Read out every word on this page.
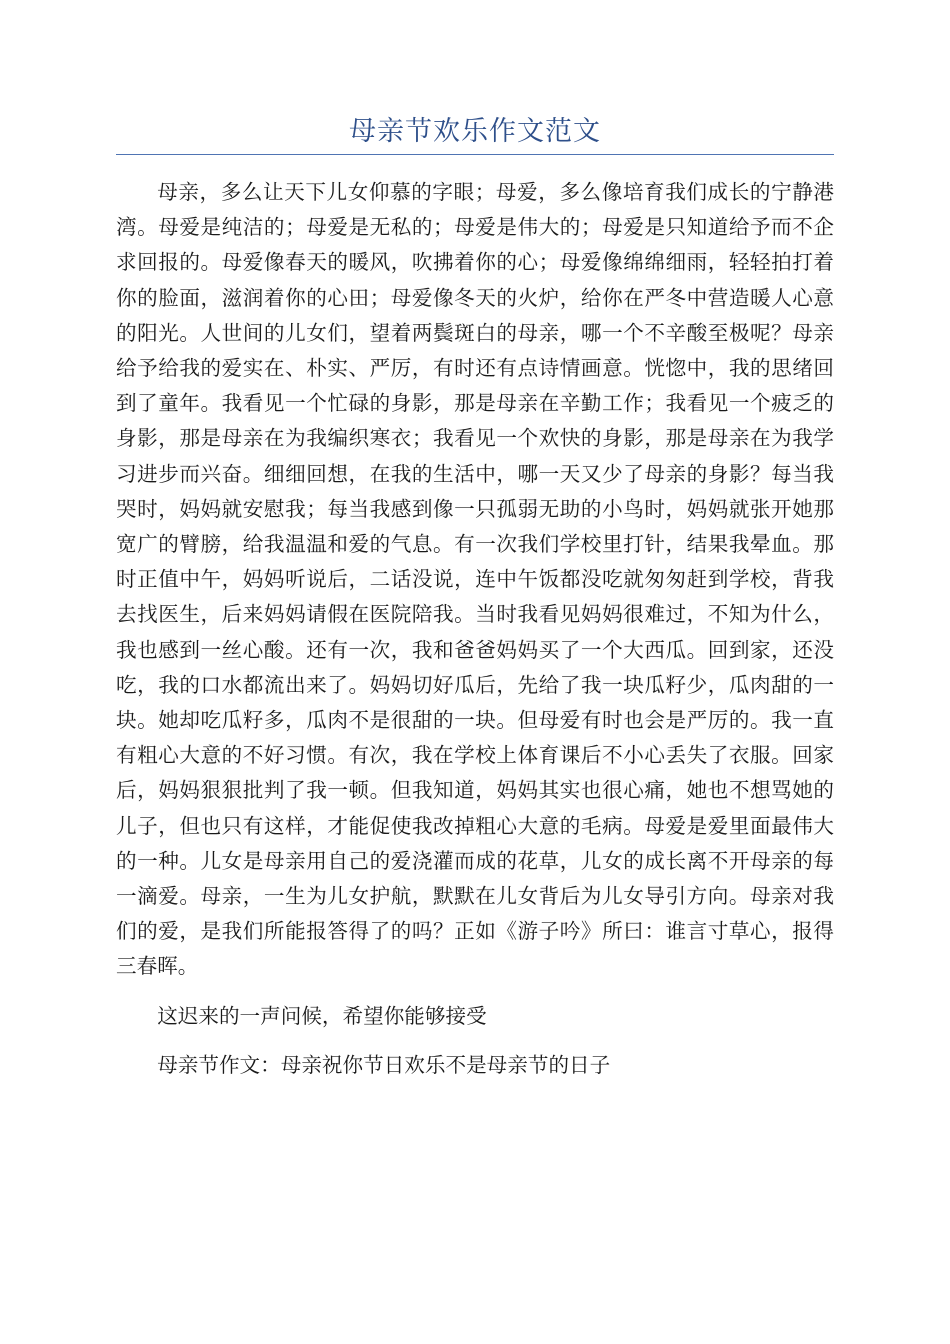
母亲节欢乐作文范文

母亲，多么让天下儿女仰慕的字眼；母爱，多么像培育我们成长的宁静港湾。母爱是纯洁的；母爱是无私的；母爱是伟大的；母爱是只知道给予而不企求回报的。母爱像春天的暖风，吹拂着你的心；母爱像绵绵细雨，轻轻拍打着你的脸面，滋润着你的心田；母爱像冬天的火炉，给你在严冬中营造暖人心意的阳光。人世间的儿女们，望着两鬓斑白的母亲，哪一个不辛酸至极呢？母亲给予给我的爱实在、朴实、严厉，有时还有点诗情画意。恍惚中，我的思绪回到了童年。我看见一个忙碌的身影，那是母亲在辛勤工作；我看见一个疲乏的身影，那是母亲在为我编织寒衣；我看见一个欢快的身影，那是母亲在为我学习进步而兴奋。细细回想，在我的生活中，哪一天又少了母亲的身影？每当我哭时，妈妈就安慰我；每当我感到像一只孤弱无助的小鸟时，妈妈就张开她那宽广的臂膀，给我温温和爱的气息。有一次我们学校里打针，结果我晕血。那时正值中午，妈妈听说后，二话没说，连中午饭都没吃就匆匆赶到学校，背我去找医生，后来妈妈请假在医院陪我。当时我看见妈妈很难过，不知为什么，我也感到一丝心酸。还有一次，我和爸爸妈妈买了一个大西瓜。回到家，还没吃，我的口水都流出来了。妈妈切好瓜后，先给了我一块瓜籽少，瓜肉甜的一块。她却吃瓜籽多，瓜肉不是很甜的一块。但母爱有时也会是严厉的。我一直有粗心大意的不好习惯。有次，我在学校上体育课后不小心丢失了衣服。回家后，妈妈狠狠批判了我一顿。但我知道，妈妈其实也很心痛，她也不想骂她的儿子，但也只有这样，才能促使我改掉粗心大意的毛病。母爱是爱里面最伟大的一种。儿女是母亲用自己的爱浇灌而成的花草，儿女的成长离不开母亲的每一滴爱。母亲，一生为儿女护航，默默在儿女背后为儿女导引方向。母亲对我们的爱，是我们所能报答得了的吗？正如《游子吟》所曰：谁言寸草心，报得三春晖。

这迟来的一声问候，希望你能够接受

母亲节作文：母亲祝你节日欢乐不是母亲节的日子
